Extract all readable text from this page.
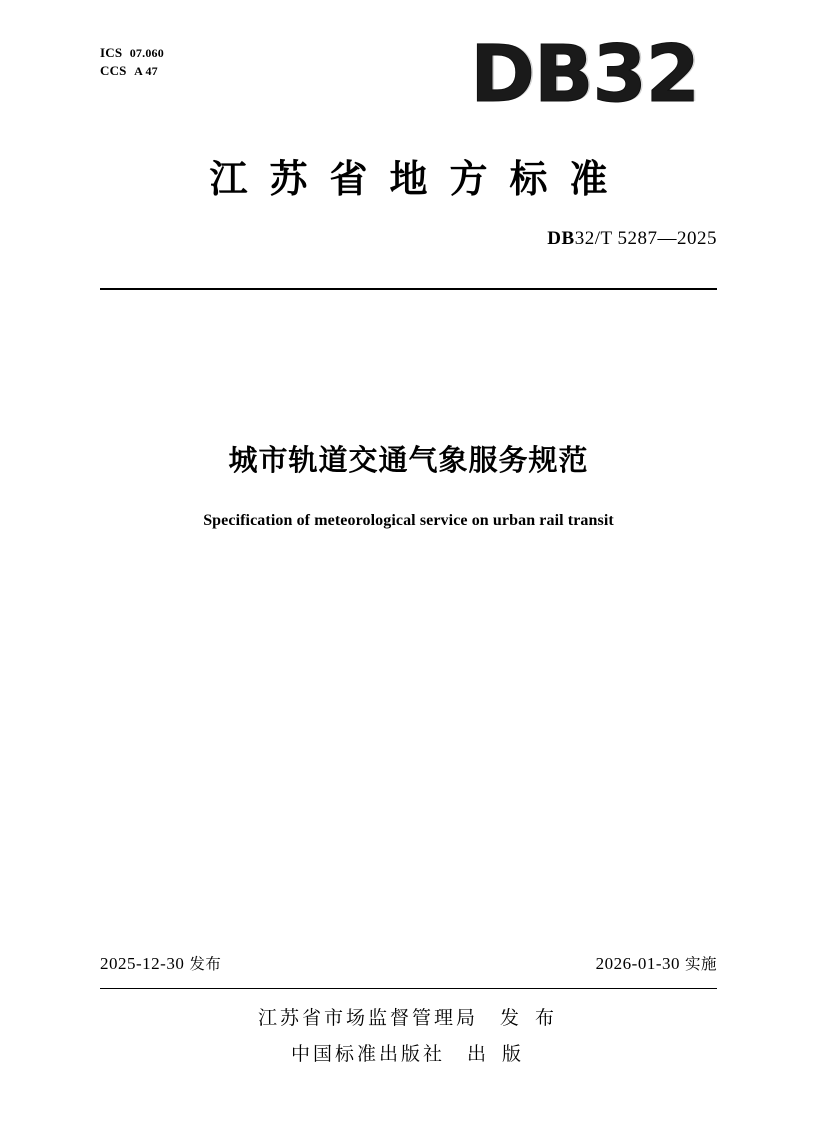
ICS 07.060
CCS A 47	DB32
江苏省地方标准
DB32/T 5287—2025
城市轨道交通气象服务规范
Specification of meteorological service on urban rail transit
2025-12-30 发布	2026-01-30 实施
江苏省市场监督管理局 发 布
中国标准出版社 出 版
